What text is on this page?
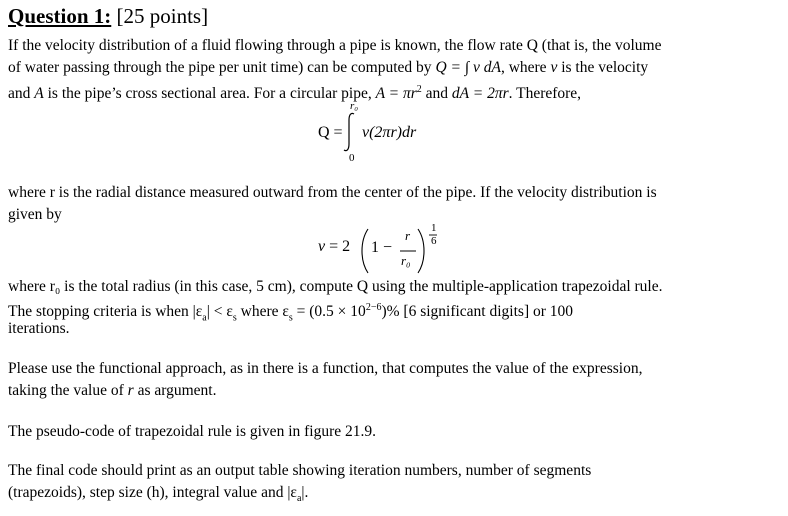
Question 1: [25 points]
If the velocity distribution of a fluid flowing through a pipe is known, the flow rate Q (that is, the volume
of water passing through the pipe per unit time) can be computed by Q = ∫ v dA, where v is the velocity
and A is the pipe’s cross sectional area. For a circular pipe, $A = \pi r^2$ and dA = 2πr. Therefore,
Q =
r₀
0
v(2πr)dr
where r is the radial distance measured outward from the center of the pipe. If the velocity distribution is
given by
v = 2 1 −
r
r₀
1
6
where r₀ is the total radius (in this case, 5 cm), compute Q using the multiple-application trapezoidal rule.
The stopping criteria is when $|\varepsilon_a| < \varepsilon_s$ where $\varepsilon_s = (0.5 \times 10^{2-6})\%$ [6 significant digits] or 100
iterations.
Please use the functional approach, as in there is a function, that computes the value of the expression,
taking the value of r as argument.
The pseudo-code of trapezoidal rule is given in figure 21.9.
The final code should print as an output table showing iteration numbers, number of segments
(trapezoids), step size (h), integral value and $|\varepsilon_a|$.
